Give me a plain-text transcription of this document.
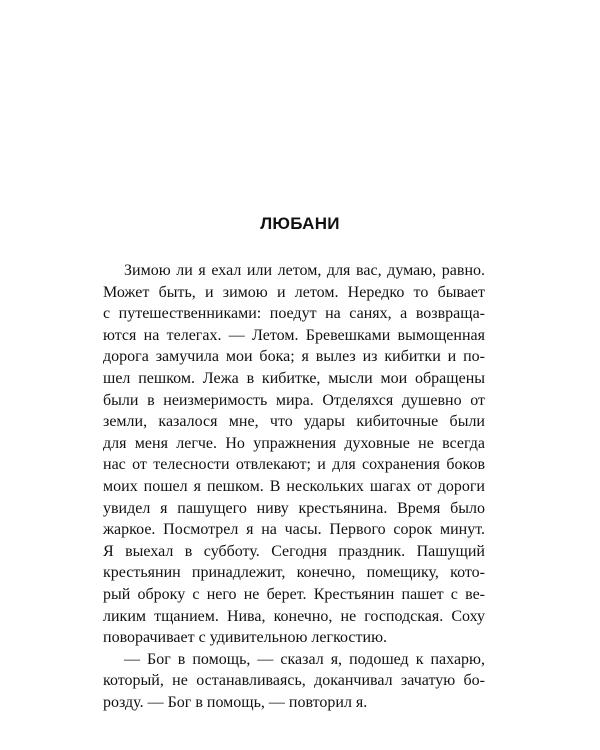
ЛЮБАНИ
Зимою ли я ехал или летом, для вас, думаю, равно.
Может быть, и зимою и летом. Нередко то бывает
с путешественниками: поедут на санях, а возвраща-
ются на телегах. — Летом. Бревешками вымощенная
дорога замучила мои бока; я вылез из кибитки и по-
шел пешком. Лежа в кибитке, мысли мои обращены
были в неизмеримость мира. Отделяхся душевно от
земли, казалося мне, что удары кибиточные были
для меня легче. Но упражнения духовные не всегда
нас от телесности отвлекают; и для сохранения боков
моих пошел я пешком. В нескольких шагах от дороги
увидел я пашущего ниву крестьянина. Время было
жаркое. Посмотрел я на часы. Первого сорок минут.
Я выехал в субботу. Сегодня праздник. Пашущий
крестьянин принадлежит, конечно, помещику, кото-
рый оброку с него не берет. Крестьянин пашет с ве-
ликим тщанием. Нива, конечно, не господская. Соху
поворачивает с удивительною легкостию.
— Бог в помощь, — сказал я, подошед к пахарю,
который, не останавливаясь, доканчивал зачатую бо-
розду. — Бог в помощь, — повторил я.
